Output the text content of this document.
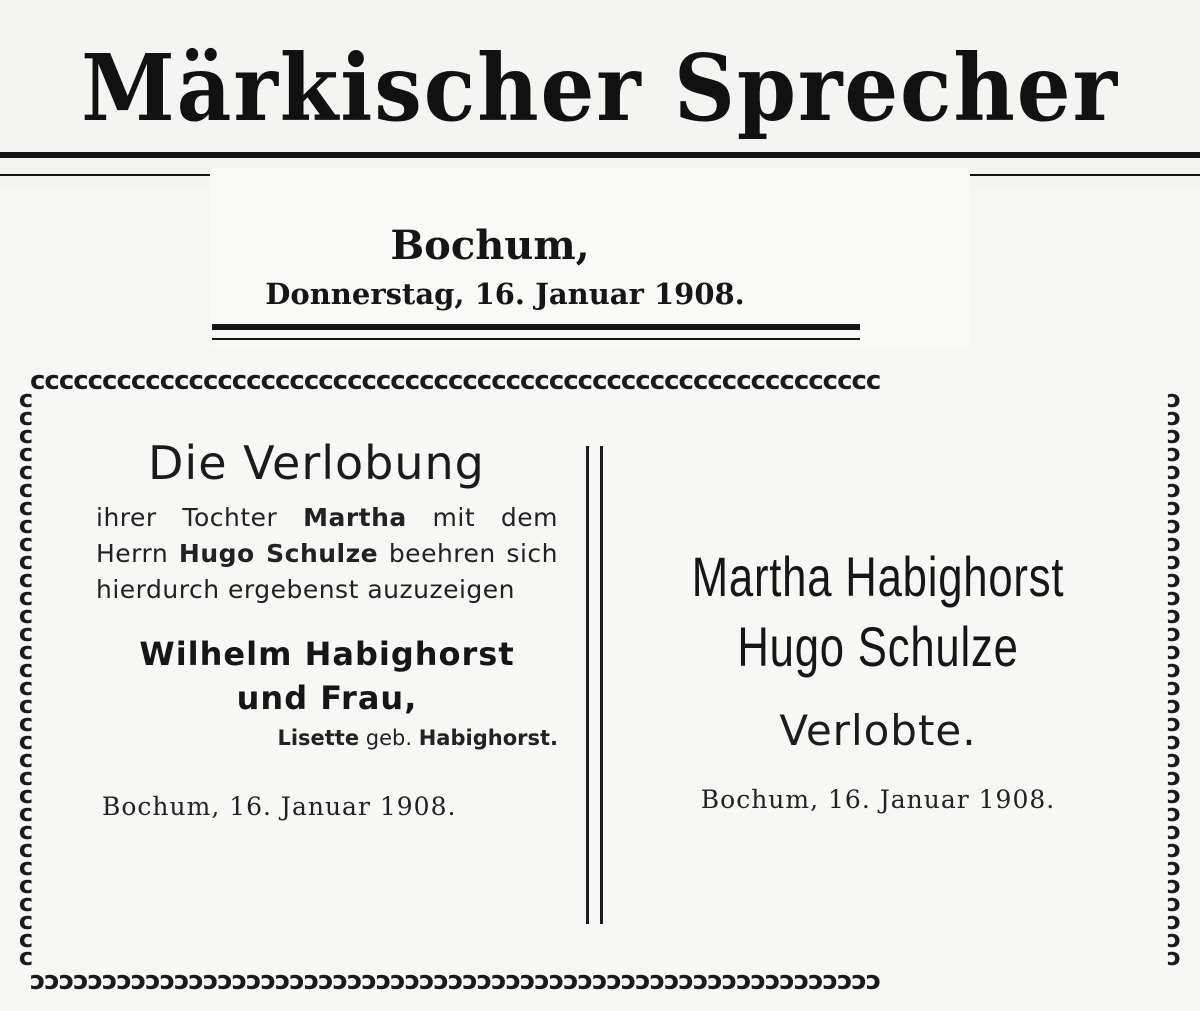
Märkischer Sprecher
Bochum,
Donnerstag, 16. Januar 1908.
ⅽⅽⅽⅽⅽⅽⅽⅽⅽⅽⅽⅽⅽⅽⅽⅽⅽⅽⅽⅽⅽⅽⅽⅽⅽⅽⅽⅽⅽⅽⅽⅽⅽⅽⅽⅽⅽⅽⅽⅽⅽⅽⅽⅽⅽⅽⅽⅽⅽⅽⅽⅽⅽⅽⅽⅽⅽⅽⅽ
ↄↄↄↄↄↄↄↄↄↄↄↄↄↄↄↄↄↄↄↄↄↄↄↄↄↄↄↄↄↄↄↄↄↄↄↄↄↄↄↄↄↄↄↄↄↄↄↄↄↄↄↄↄↄↄↄↄↄↄ
ⅽⅽⅽⅽⅽⅽⅽⅽⅽⅽⅽⅽⅽⅽⅽⅽⅽⅽⅽⅽⅽⅽⅽⅽⅽⅽⅽⅽⅽⅽⅽⅽ
ↄↄↄↄↄↄↄↄↄↄↄↄↄↄↄↄↄↄↄↄↄↄↄↄↄↄↄↄↄↄↄↄ
Die Verlobung

ihrer Tochter Martha mit dem Herrn Hugo Schulze beehren sich hierdurch ergebenst auzuzeigen

Wilhelm Habighorst
und Frau,
Lisette geb. Habighorst.
Bochum, 16. Januar 1908.
Martha Habighorst
Hugo Schulze
Verlobte.
Bochum, 16. Januar 1908.
